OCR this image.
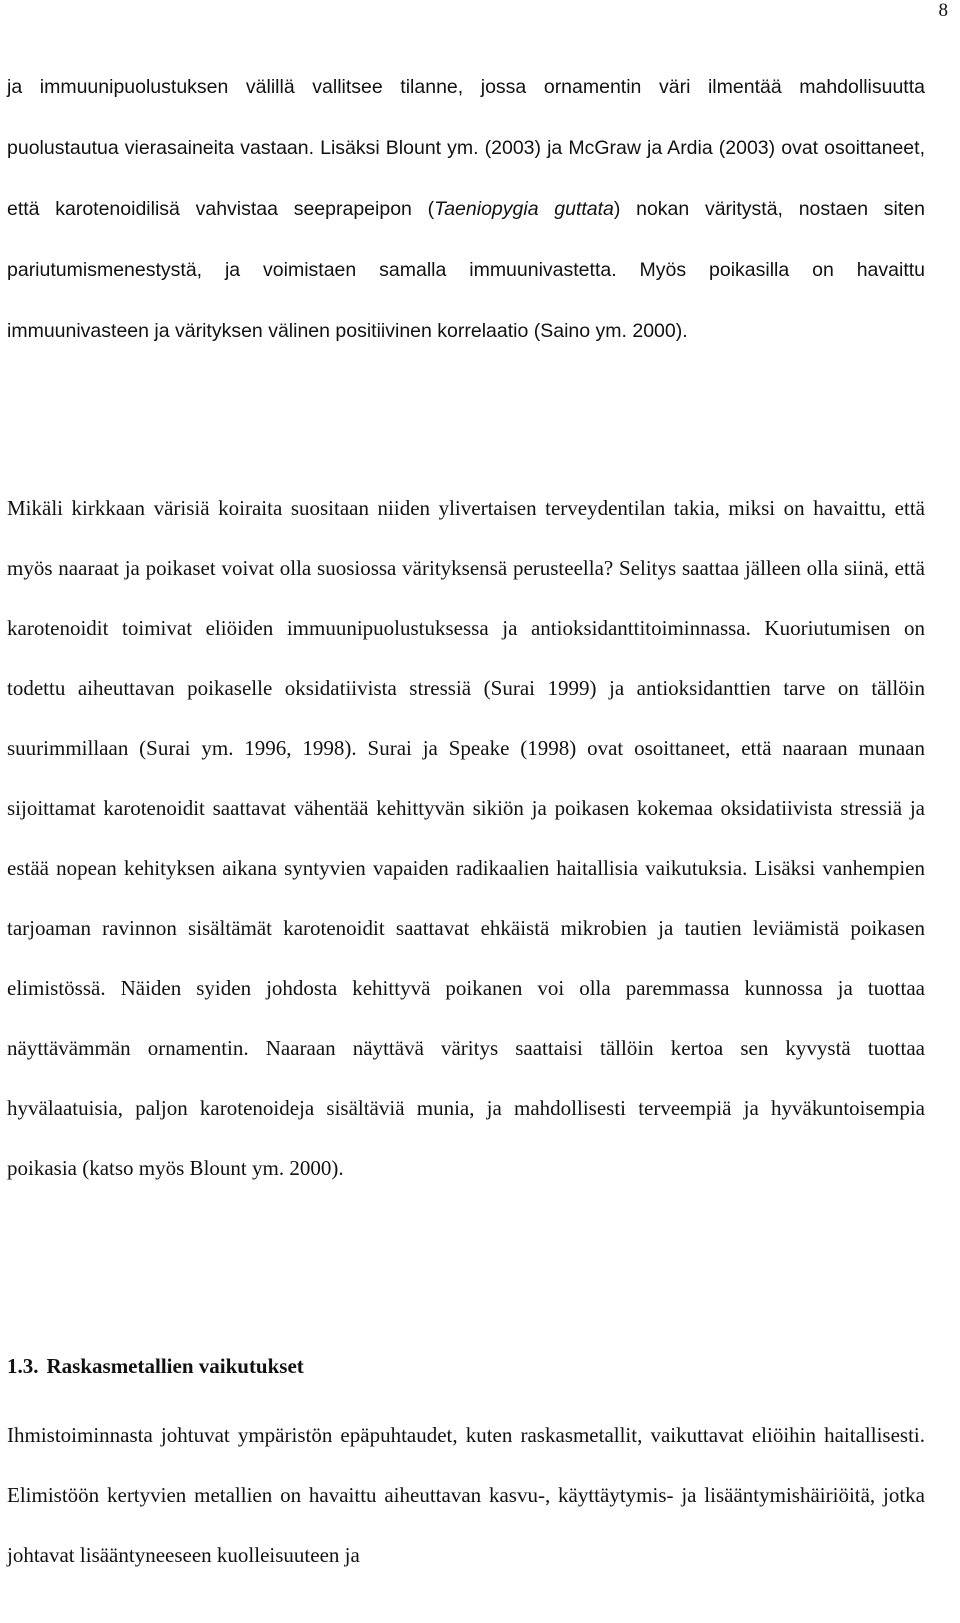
8

ja immuunipuolustuksen välillä vallitsee tilanne, jossa ornamentin väri ilmentää mahdollisuutta puolustautua vierasaineita vastaan. Lisäksi Blount ym. (2003) ja McGraw ja Ardia (2003) ovat osoittaneet, että karotenoidilisä vahvistaa seeprapeipon (Taeniopygia guttata) nokan väritystä, nostaen siten pariutumismenestystä, ja voimistaen samalla immuunivastetta. Myös poikasilla on havaittu immuunivasteen ja värityksen välinen positiivinen korrelaatio (Saino ym. 2000).

Mikäli kirkkaan värisiä koiraita suositaan niiden ylivertaisen terveydentilan takia, miksi on havaittu, että myös naaraat ja poikaset voivat olla suosiossa värityksensä perusteella? Selitys saattaa jälleen olla siinä, että karotenoidit toimivat eliöiden immuunipuolustuksessa ja antioksidanttitoiminnassa. Kuoriutumisen on todettu aiheuttavan poikaselle oksidatiivista stressiä (Surai 1999) ja antioksidanttien tarve on tällöin suurimmillaan (Surai ym. 1996, 1998). Surai ja Speake (1998) ovat osoittaneet, että naaraan munaan sijoittamat karotenoidit saattavat vähentää kehittyvän sikiön ja poikasen kokemaa oksidatiivista stressiä ja estää nopean kehityksen aikana syntyvien vapaiden radikaalien haitallisia vaikutuksia. Lisäksi vanhempien tarjoaman ravinnon sisältämät karotenoidit saattavat ehkäistä mikrobien ja tautien leviämistä poikasen elimistössä. Näiden syiden johdosta kehittyvä poikanen voi olla paremmassa kunnossa ja tuottaa näyttävämmän ornamentin. Naaraan näyttävä väritys saattaisi tällöin kertoa sen kyvystä tuottaa hyvälaatuisia, paljon karotenoideja sisältäviä munia, ja mahdollisesti terveempiä ja hyväkuntoisempia poikasia (katso myös Blount ym. 2000).

1.3. Raskasmetallien vaikutukset

Ihmistoiminnasta johtuvat ympäristön epäpuhtaudet, kuten raskasmetallit, vaikuttavat eliöihin haitallisesti. Elimistöön kertyvien metallien on havaittu aiheuttavan kasvu-, käyttäytymis- ja lisääntymishäiriöitä, jotka johtavat lisääntyneeseen kuolleisuuteen ja
